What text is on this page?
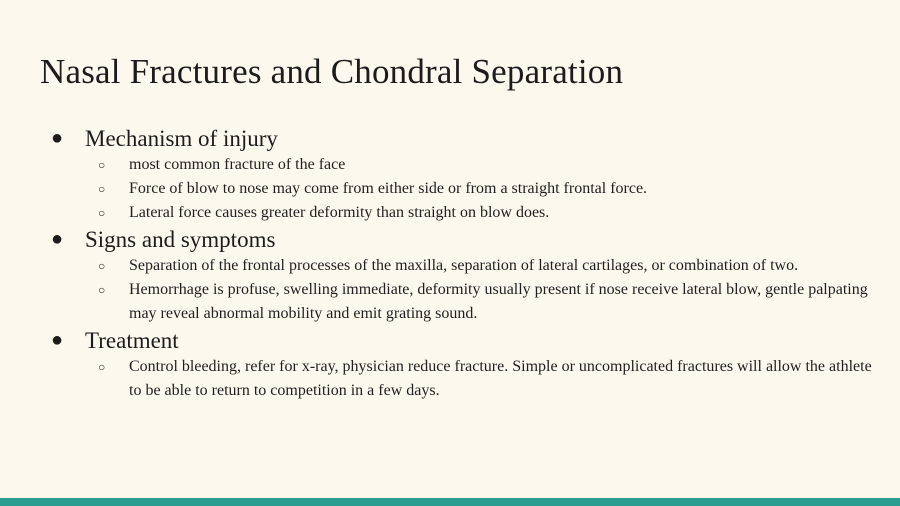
Nasal Fractures and Chondral Separation
● Mechanism of injury
○ most common fracture of the face
○ Force of blow to nose may come from either side or from a straight frontal force.
○ Lateral force causes greater deformity than straight on blow does.
● Signs and symptoms
○ Separation of the frontal processes of the maxilla, separation of lateral cartilages, or combination of two.
○ Hemorrhage is profuse, swelling immediate, deformity usually present if nose receive lateral blow, gentle palpating may reveal abnormal mobility and emit grating sound.
● Treatment
○ Control bleeding, refer for x-ray, physician reduce fracture. Simple or uncomplicated fractures will allow the athlete to be able to return to competition in a few days.
